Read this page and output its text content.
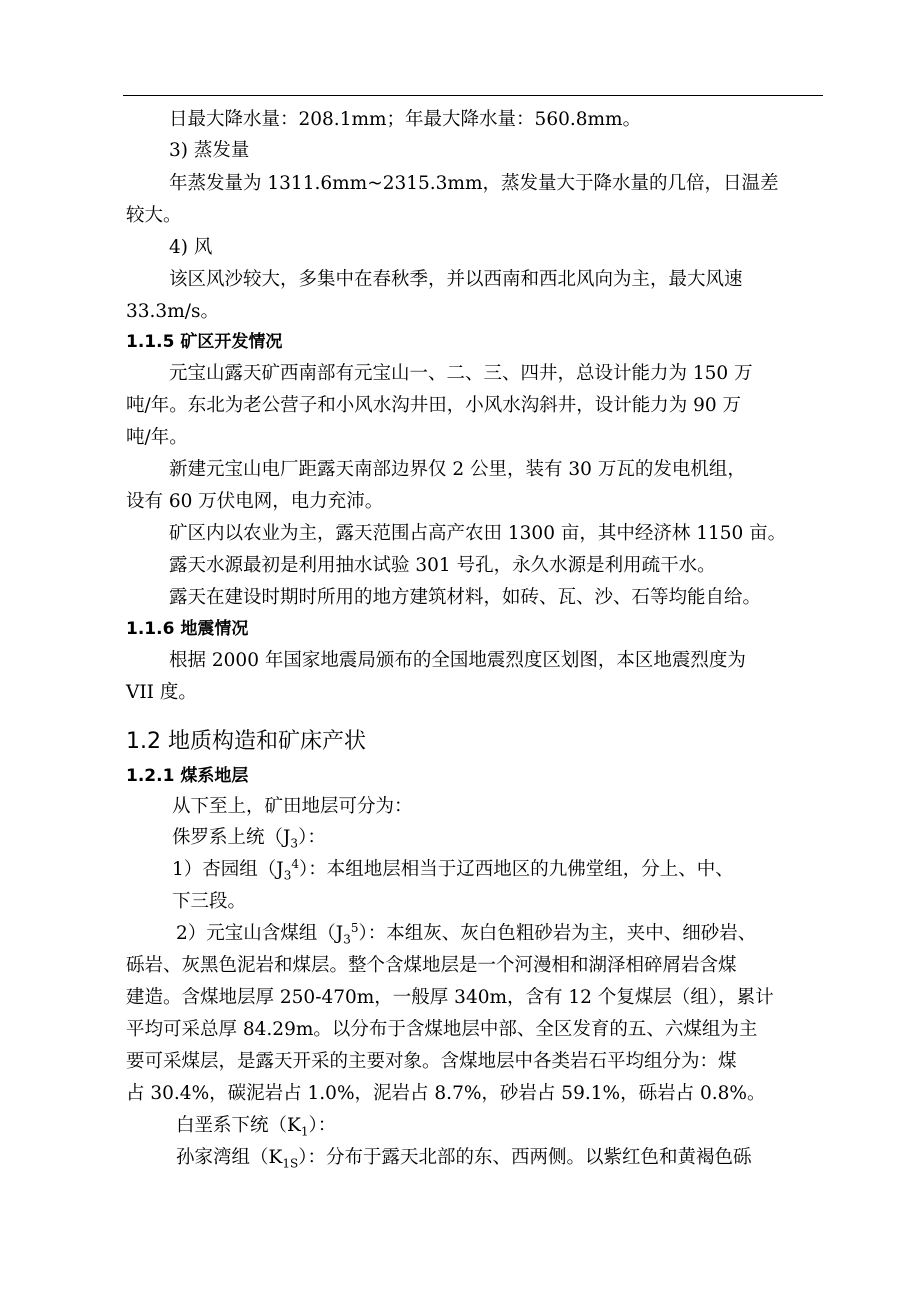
日最大降水量：208.1mm；年最大降水量：560.8mm。
3) 蒸发量
年蒸发量为 1311.6mm~2315.3mm，蒸发量大于降水量的几倍，日温差
较大。
4) 风
该区风沙较大，多集中在春秋季，并以西南和西北风向为主，最大风速
33.3m/s。
1.1.5 矿区开发情况
元宝山露天矿西南部有元宝山一、二、三、四井，总设计能力为 150 万
吨/年。东北为老公营子和小风水沟井田，小风水沟斜井，设计能力为 90 万
吨/年。
新建元宝山电厂距露天南部边界仅 2 公里，装有 30 万瓦的发电机组，
设有 60 万伏电网，电力充沛。
矿区内以农业为主，露天范围占高产农田 1300 亩，其中经济林 1150 亩。
露天水源最初是利用抽水试验 301 号孔，永久水源是利用疏干水。
露天在建设时期时所用的地方建筑材料，如砖、瓦、沙、石等均能自给。
1.1.6 地震情况
根据 2000 年国家地震局颁布的全国地震烈度区划图，本区地震烈度为
VII 度。
1.2 地质构造和矿床产状
1.2.1 煤系地层
从下至上，矿田地层可分为：
侏罗系上统$(J_3)$：
1）杏园组$(J_3^4)$：本组地层相当于辽西地区的九佛堂组，分上、中、
下三段。
2）元宝山含煤组$(J_3^5)$：本组灰、灰白色粗砂岩为主，夹中、细砂岩、
砾岩、灰黑色泥岩和煤层。整个含煤地层是一个河漫相和湖泽相碎屑岩含煤
建造。含煤地层厚 250-470m，一般厚 340m，含有 12 个复煤层（组），累计
平均可采总厚 84.29m。以分布于含煤地层中部、全区发育的五、六煤组为主
要可采煤层，是露天开采的主要对象。含煤地层中各类岩石平均组分为：煤
占 30.4%，碳泥岩占 1.0%，泥岩占 8.7%，砂岩占 59.1%，砾岩占 0.8%。
白垩系下统$(K_1)$：
孙家湾组$(K_{1S})$：分布于露天北部的东、西两侧。以紫红色和黄褐色砾
